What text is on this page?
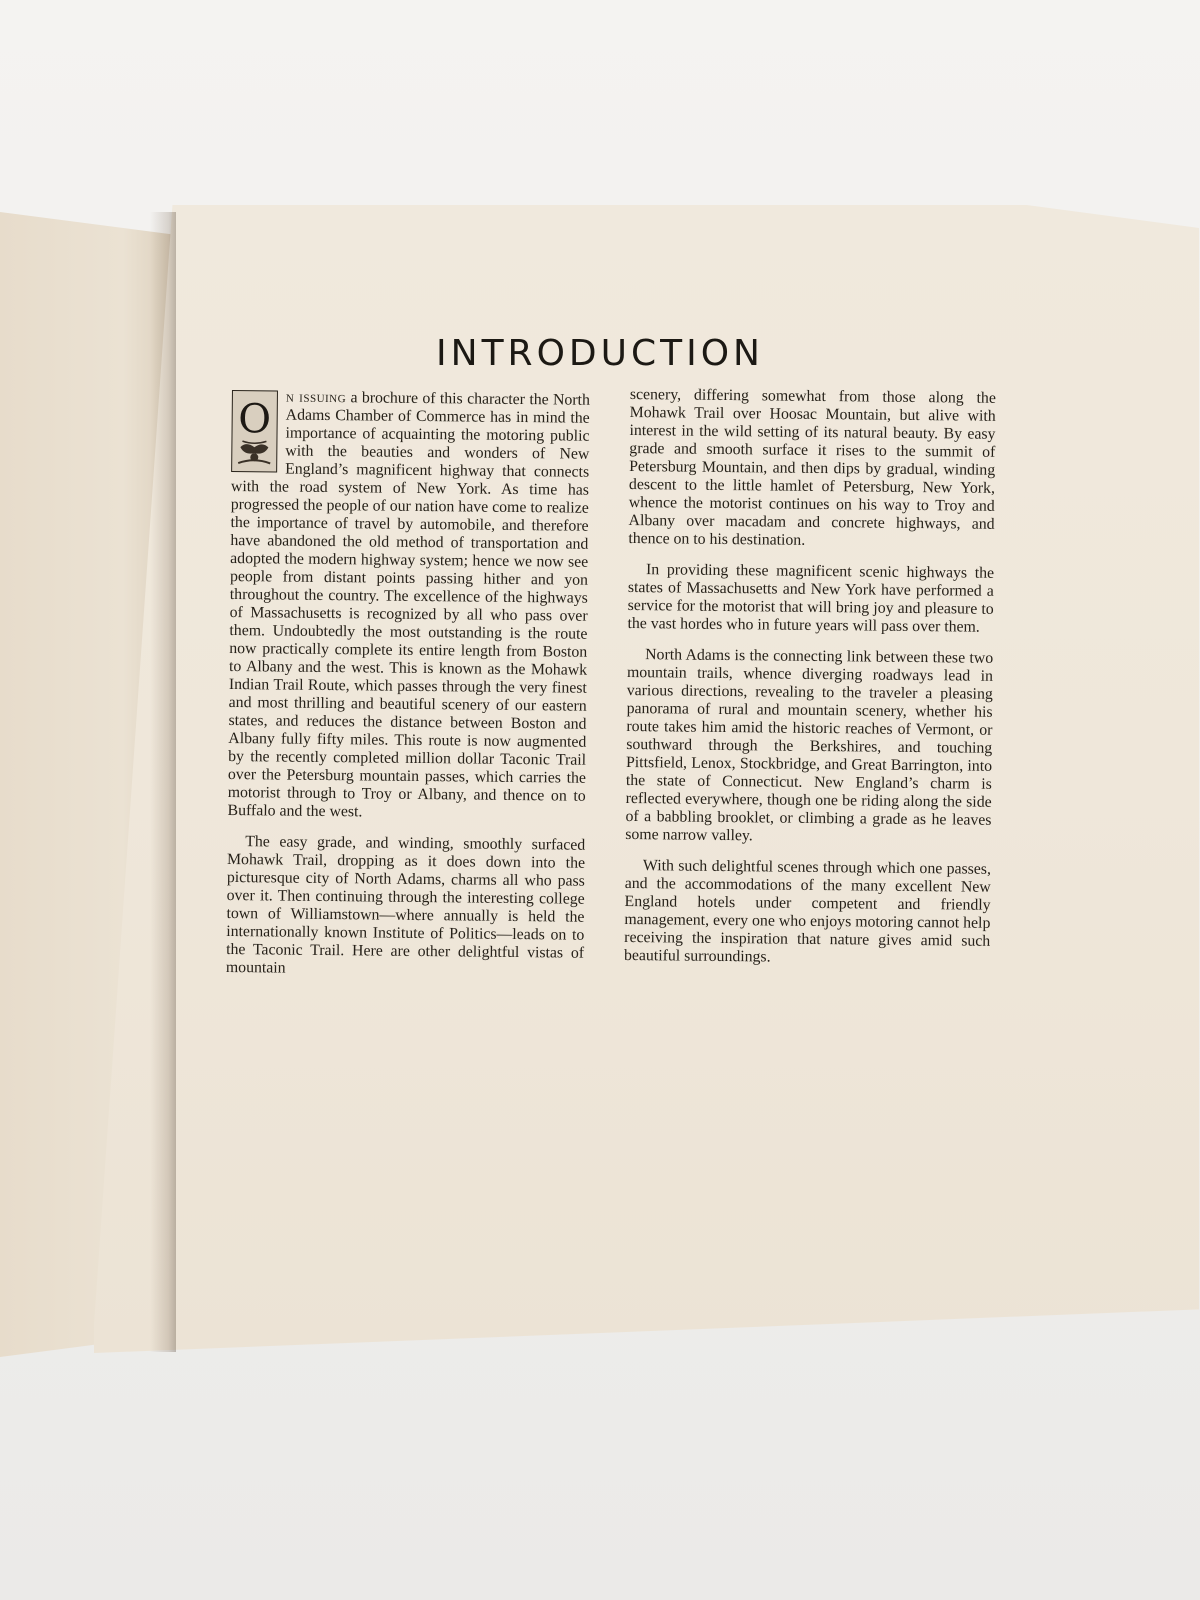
INTRODUCTION

O n issuing a brochure of this character the North Adams Chamber of Commerce has in mind the importance of acquainting the motoring public with the beauties and wonders of New England’s magnificent highway that connects with the road system of New York. As time has progressed the people of our nation have come to realize the importance of travel by automobile, and therefore have abandoned the old method of transportation and adopted the modern highway system; hence we now see people from distant points passing hither and yon throughout the country. The excellence of the highways of Massachusetts is recognized by all who pass over them. Undoubtedly the most outstanding is the route now practically complete its entire length from Boston to Albany and the west. This is known as the Mohawk Indian Trail Route, which passes through the very finest and most thrilling and beautiful scenery of our eastern states, and reduces the distance between Boston and Albany fully fifty miles. This route is now augmented by the recently completed million dollar Taconic Trail over the Petersburg mountain passes, which carries the motorist through to Troy or Albany, and thence on to Buffalo and the west.

The easy grade, and winding, smoothly surfaced Mohawk Trail, dropping as it does down into the picturesque city of North Adams, charms all who pass over it. Then continuing through the interesting college town of Williamstown—where annually is held the internationally known Institute of Politics—leads on to the Taconic Trail. Here are other delightful vistas of mountain

scenery, differing somewhat from those along the Mohawk Trail over Hoosac Mountain, but alive with interest in the wild setting of its natural beauty. By easy grade and smooth surface it rises to the summit of Petersburg Mountain, and then dips by gradual, winding descent to the little hamlet of Petersburg, New York, whence the motorist continues on his way to Troy and Albany over macadam and concrete highways, and thence on to his destination.

In providing these magnificent scenic highways the states of Massachusetts and New York have performed a service for the motorist that will bring joy and pleasure to the vast hordes who in future years will pass over them.

North Adams is the connecting link between these two mountain trails, whence diverging roadways lead in various directions, revealing to the traveler a pleasing panorama of rural and mountain scenery, whether his route takes him amid the historic reaches of Vermont, or southward through the Berkshires, and touching Pittsfield, Lenox, Stockbridge, and Great Barrington, into the state of Connecticut. New England’s charm is reflected everywhere, though one be riding along the side of a babbling brooklet, or climbing a grade as he leaves some narrow valley.

With such delightful scenes through which one passes, and the accommodations of the many excellent New England hotels under competent and friendly management, every one who enjoys motoring cannot help receiving the inspiration that nature gives amid such beautiful surroundings.
